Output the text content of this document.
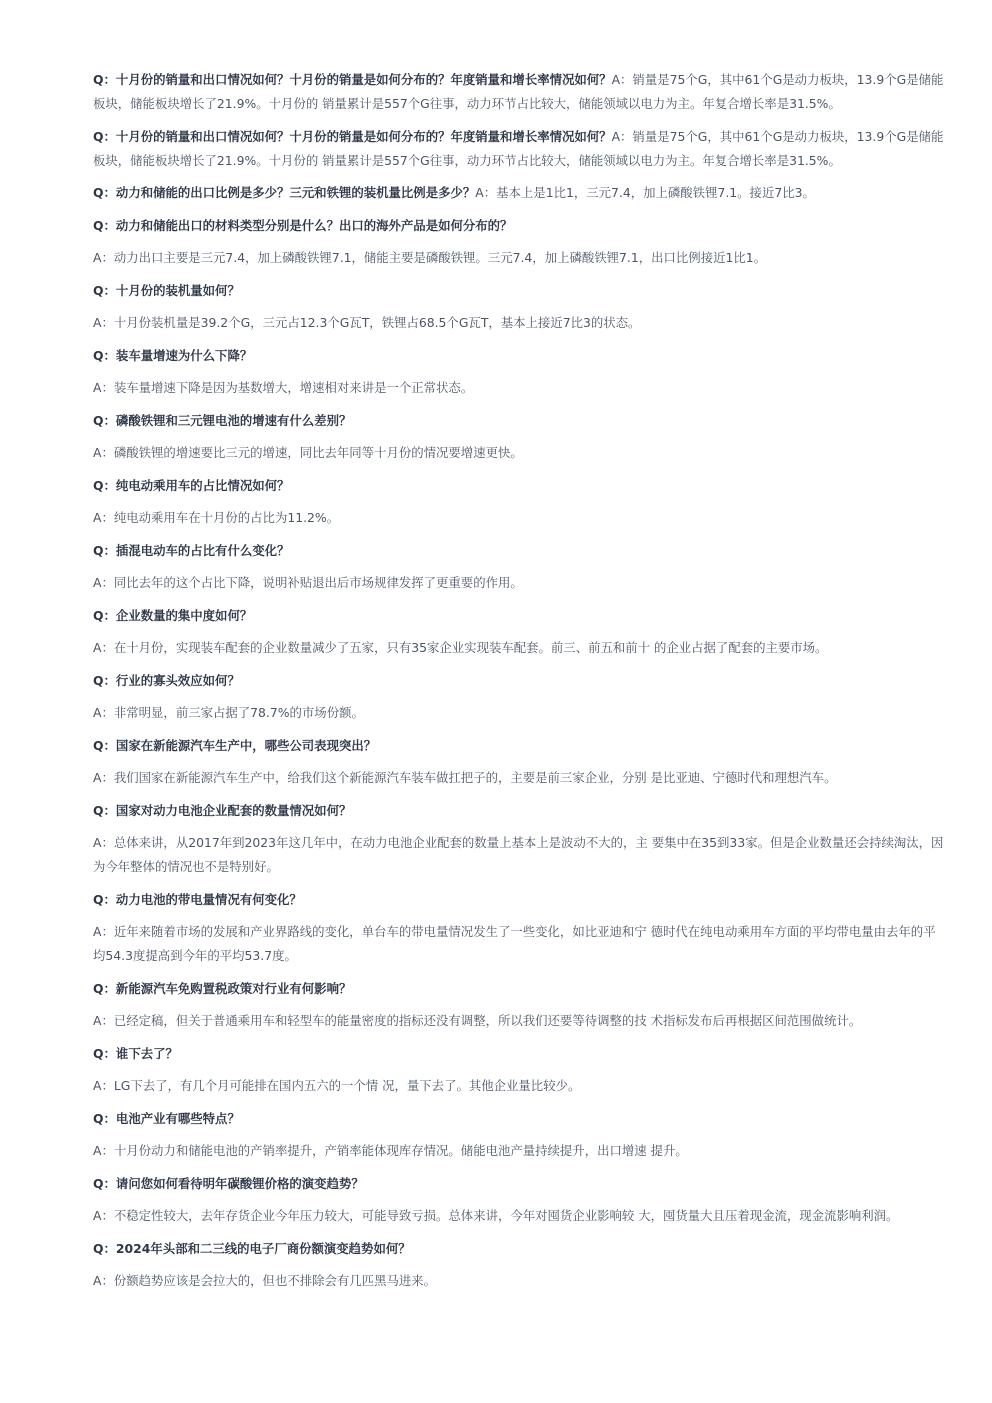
Q：十月份的销量和出口情况如何？十月份的销量是如何分布的？年度销量和增长率情况如何？A：销量是75个G，其中61个G是动力板块，13.9个G是储能板块，储能板块增长了21.9%。十月份的 销量累计是557个G往事，动力环节占比较大，储能领域以电力为主。年复合增长率是31.5%。

Q：十月份的销量和出口情况如何？十月份的销量是如何分布的？年度销量和增长率情况如何？A：销量是75个G，其中61个G是动力板块，13.9个G是储能板块，储能板块增长了21.9%。十月份的 销量累计是557个G往事，动力环节占比较大，储能领域以电力为主。年复合增长率是31.5%。

Q：动力和储能的出口比例是多少？三元和铁锂的装机量比例是多少？A：基本上是1比1，三元7.4，加上磷酸铁锂7.1。接近7比3。

Q：动力和储能出口的材料类型分别是什么？出口的海外产品是如何分布的？

A：动力出口主要是三元7.4，加上磷酸铁锂7.1，储能主要是磷酸铁锂。三元7.4，加上磷酸铁锂7.1，出口比例接近1比1。

Q：十月份的装机量如何？

A：十月份装机量是39.2个G，三元占12.3个G瓦T，铁锂占68.5个G瓦T，基本上接近7比3的状态。

Q：装车量增速为什么下降？

A：装车量增速下降是因为基数增大，增速相对来讲是一个正常状态。

Q：磷酸铁锂和三元锂电池的增速有什么差别？

A：磷酸铁锂的增速要比三元的增速，同比去年同等十月份的情况要增速更快。

Q：纯电动乘用车的占比情况如何？

A：纯电动乘用车在十月份的占比为11.2%。

Q：插混电动车的占比有什么变化？

A：同比去年的这个占比下降，说明补贴退出后市场规律发挥了更重要的作用。

Q：企业数量的集中度如何？

A：在十月份，实现装车配套的企业数量减少了五家，只有35家企业实现装车配套。前三、前五和前十 的企业占据了配套的主要市场。

Q：行业的寡头效应如何？

A：非常明显，前三家占据了78.7%的市场份额。

Q：国家在新能源汽车生产中，哪些公司表现突出？

A：我们国家在新能源汽车生产中，给我们这个新能源汽车装车做扛把子的，主要是前三家企业，分别 是比亚迪、宁德时代和理想汽车。

Q：国家对动力电池企业配套的数量情况如何？

A：总体来讲，从2017年到2023年这几年中，在动力电池企业配套的数量上基本上是波动不大的，主 要集中在35到33家。但是企业数量还会持续淘汰，因为今年整体的情况也不是特别好。

Q：动力电池的带电量情况有何变化？

A：近年来随着市场的发展和产业界路线的变化，单台车的带电量情况发生了一些变化，如比亚迪和宁 德时代在纯电动乘用车方面的平均带电量由去年的平均54.3度提高到今年的平均53.7度。

Q：新能源汽车免购置税政策对行业有何影响？

A：已经定稿，但关于普通乘用车和轻型车的能量密度的指标还没有调整，所以我们还要等待调整的技 术指标发布后再根据区间范围做统计。

Q：谁下去了？

A：LG下去了，有几个月可能排在国内五六的一个情 况，量下去了。其他企业量比较少。

Q：电池产业有哪些特点？

A：十月份动力和储能电池的产销率提升，产销率能体现库存情况。储能电池产量持续提升，出口增速 提升。

Q：请问您如何看待明年碳酸锂价格的演变趋势？

A：不稳定性较大，去年存货企业今年压力较大，可能导致亏损。总体来讲，今年对囤货企业影响较 大，囤货量大且压着现金流，现金流影响利润。

Q：2024年头部和二三线的电子厂商份额演变趋势如何？

A：份额趋势应该是会拉大的，但也不排除会有几匹黑马进来。
